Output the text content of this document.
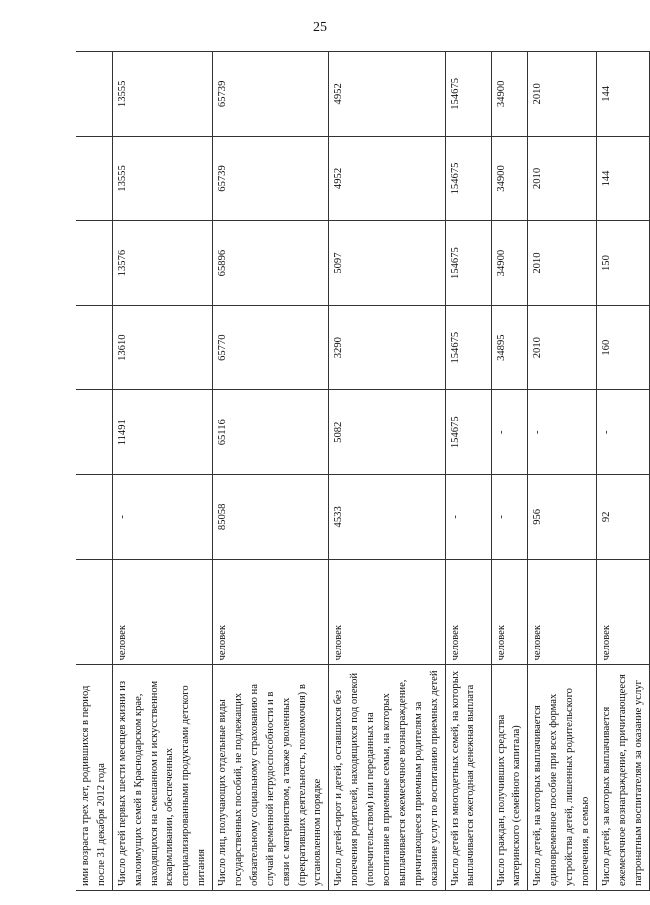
25
ими возраста трех лет, родившихся в период после 31 декабря 2012 года							
Число детей первых шести месяцев жизни из малоимущих семей в Краснодарском крае, находящихся на смешанном и искусственном вскармливании, обеспеченных специализированными продуктами детского питания	человек	-	11491	13610	13576	13555	13555
Число лиц, получающих отдельные виды государственных пособий, не подлежащих обязательному социальному страхованию на случай временной нетрудоспособности и в связи с материнством, а также уволенных (прекративших деятельность, полномочия) в установленном порядке	человек	85058	65116	65770	65896	65739	65739
Число детей-сирот и детей, оставшихся без попечения родителей, находящихся под опекой (попечительством) или переданных на воспитание в приемные семьи, на которых выплачивается ежемесячное вознаграждение, причитающееся приемным родителям за оказание услуг по воспитанию приемных детей	человек	4533	5082	3290	5097	4952	4952
Число детей из многодетных семей, на которых выплачивается ежегодная денежная выплата	человек	-	154675	154675	154675	154675	154675
Число граждан, получивших средства материнского (семейного капитала)	человек	-	-	34895	34900	34900	34900
Число детей, на которых выплачивается единовременное пособие при всех формах устройства детей, лишенных родительского попечения, в семью	человек	956	-	2010	2010	2010	2010
Число детей, за которых выплачивается ежемесячное вознаграждение, причитающееся патронатным воспитателям за оказание услуг	человек	92	-	160	150	144	144
